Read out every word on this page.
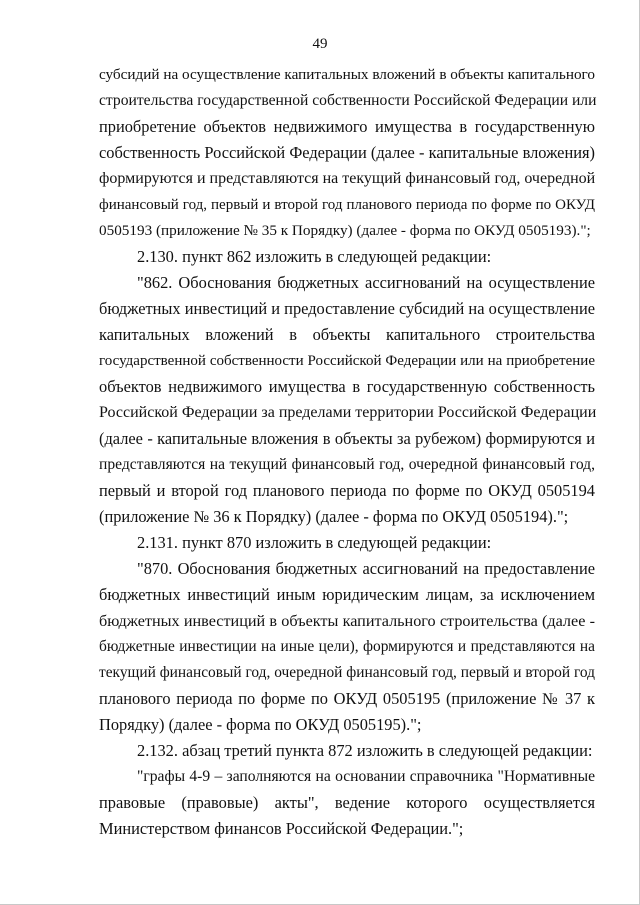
49
субсидий на осуществление капитальных вложений в объекты капитального
строительства государственной собственности Российской Федерации или
приобретение объектов недвижимого имущества в государственную
собственность Российской Федерации (далее - капитальные вложения)
формируются и представляются на текущий финансовый год, очередной
финансовый год, первый и второй год планового периода по форме по ОКУД
0505193 (приложение № 35 к Порядку) (далее - форма по ОКУД 0505193).";
2.130. пункт 862 изложить в следующей редакции:
"862. Обоснования бюджетных ассигнований на осуществление
бюджетных инвестиций и предоставление субсидий на осуществление
капитальных вложений в объекты капитального строительства
государственной собственности Российской Федерации или на приобретение
объектов недвижимого имущества в государственную собственность
Российской Федерации за пределами территории Российской Федерации
(далее - капитальные вложения в объекты за рубежом) формируются и
представляются на текущий финансовый год, очередной финансовый год,
первый и второй год планового периода по форме по ОКУД 0505194
(приложение № 36 к Порядку) (далее - форма по ОКУД 0505194).";
2.131. пункт 870 изложить в следующей редакции:
"870. Обоснования бюджетных ассигнований на предоставление
бюджетных инвестиций иным юридическим лицам, за исключением
бюджетных инвестиций в объекты капитального строительства (далее -
бюджетные инвестиции на иные цели), формируются и представляются на
текущий финансовый год, очередной финансовый год, первый и второй год
планового периода по форме по ОКУД 0505195 (приложение № 37 к
Порядку) (далее - форма по ОКУД 0505195).";
2.132. абзац третий пункта 872 изложить в следующей редакции:
"графы 4-9 – заполняются на основании справочника "Нормативные
правовые (правовые) акты", ведение которого осуществляется
Министерством финансов Российской Федерации.";
